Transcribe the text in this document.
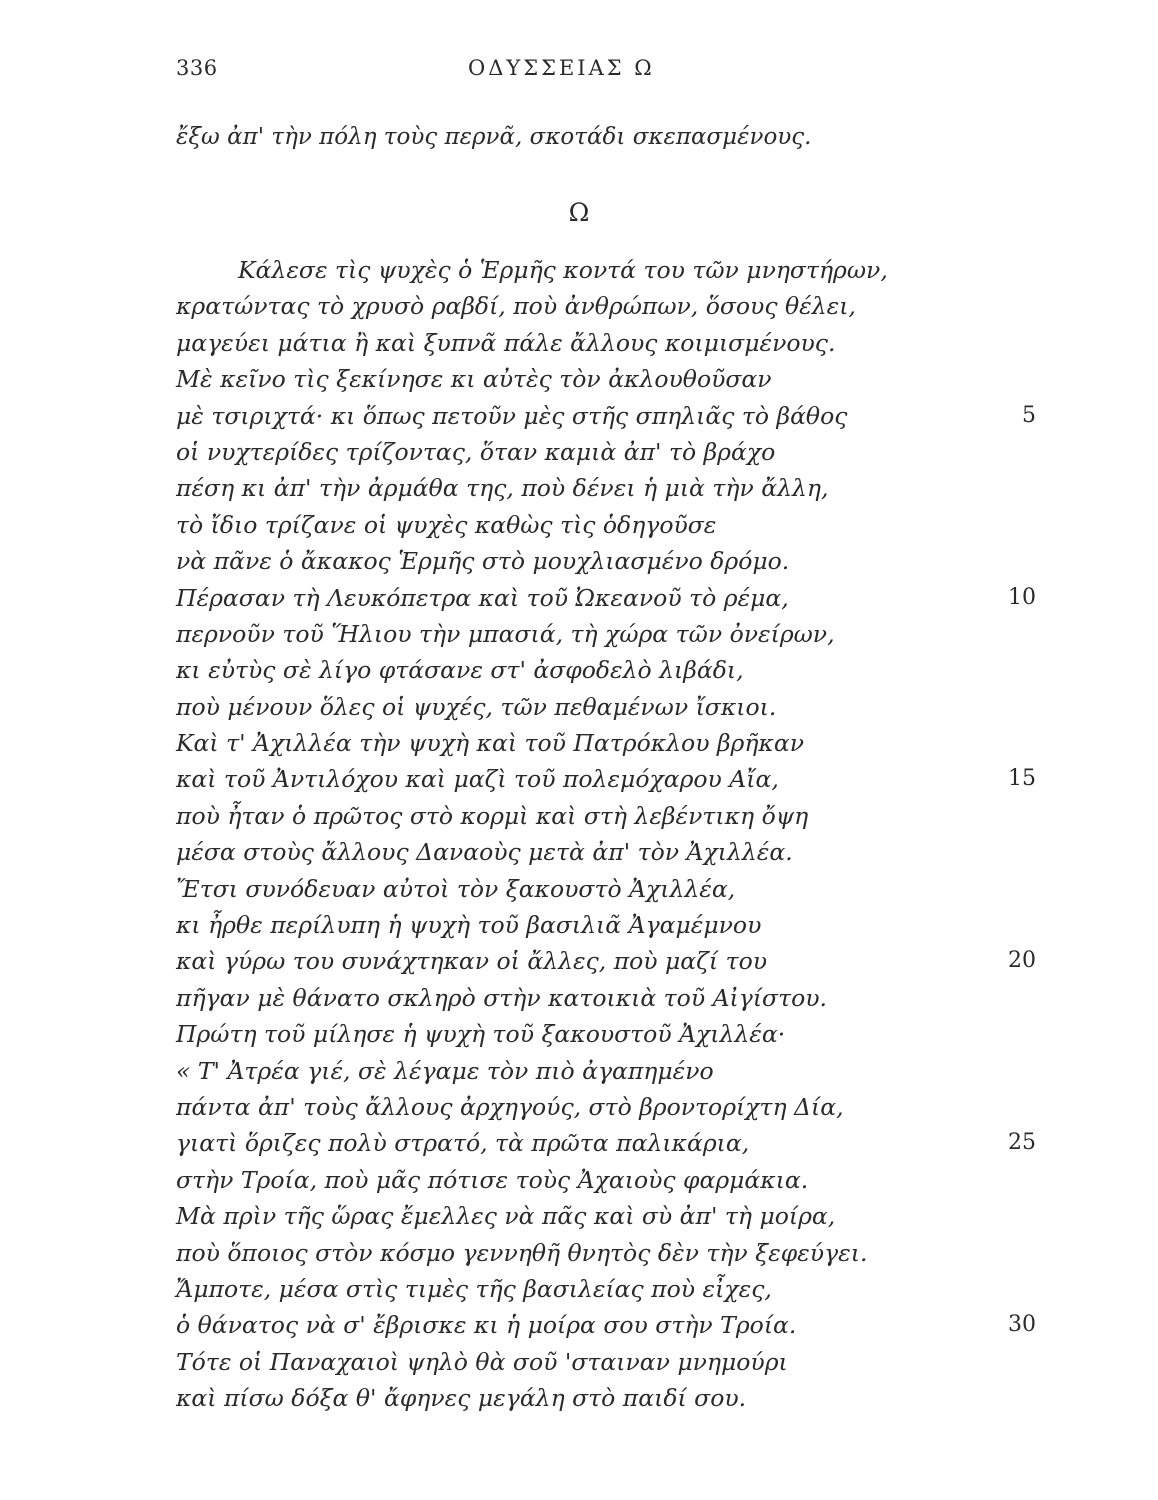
336	ΟΔΥΣΣΕΙΑΣ Ω
ἔξω ἀπ' τὴν πόλη τοὺς περνᾶ, σκοτάδι σκεπασμένους.
Ω
Κάλεσε τὶς ψυχὲς ὁ Ἑρμῆς κοντά του τῶν μνηστήρων,
κρατώντας τὸ χρυσὸ ραβδί, ποὺ ἀνθρώπων, ὅσους θέλει,
μαγεύει μάτια ἢ καὶ ξυπνᾶ πάλε ἄλλους κοιμισμένους.
Μὲ κεῖνο τὶς ξεκίνησε κι αὐτὲς τὸν ἀκλουθοῦσαν
μὲ τσιριχτά· κι ὅπως πετοῦν μὲς στῆς σπηλιᾶς τὸ βάθος	5
οἱ νυχτερίδες τρίζοντας, ὅταν καμιὰ ἀπ' τὸ βράχο
πέση κι ἀπ' τὴν ἀρμάθα της, ποὺ δένει ἡ μιὰ τὴν ἄλλη,
τὸ ἴδιο τρίζανε οἱ ψυχὲς καθὼς τὶς ὁδηγοῦσε
νὰ πᾶνε ὁ ἄκακος Ἑρμῆς στὸ μουχλιασμένο δρόμο.
Πέρασαν τὴ Λευκόπετρα καὶ τοῦ Ὠκεανοῦ τὸ ρέμα,	10
περνοῦν τοῦ Ἥλιου τὴν μπασιά, τὴ χώρα τῶν ὀνείρων,
κι εὐτὺς σὲ λίγο φτάσανε στ' ἀσφοδελὸ λιβάδι,
ποὺ μένουν ὅλες οἱ ψυχές, τῶν πεθαμένων ἴσκιοι.
Καὶ τ' Ἀχιλλέα τὴν ψυχὴ καὶ τοῦ Πατρόκλου βρῆκαν
καὶ τοῦ Ἀντιλόχου καὶ μαζὶ τοῦ πολεμόχαρου Αἴα,	15
ποὺ ἦταν ὁ πρῶτος στὸ κορμὶ καὶ στὴ λεβέντικη ὄψη
μέσα στοὺς ἄλλους Δαναοὺς μετὰ ἀπ' τὸν Ἀχιλλέα.
Ἔτσι συνόδευαν αὐτοὶ τὸν ξακουστὸ Ἀχιλλέα,
κι ἦρθε περίλυπη ἡ ψυχὴ τοῦ βασιλιᾶ Ἀγαμέμνου
καὶ γύρω του συνάχτηκαν οἱ ἄλλες, ποὺ μαζί του	20
πῆγαν μὲ θάνατο σκληρὸ στὴν κατοικιὰ τοῦ Αἰγίστου.
Πρώτη τοῦ μίλησε ἡ ψυχὴ τοῦ ξακουστοῦ Ἀχιλλέα·
« Τ' Ἀτρέα γιέ, σὲ λέγαμε τὸν πιὸ ἀγαπημένο
πάντα ἀπ' τοὺς ἄλλους ἀρχηγούς, στὸ βροντορίχτη Δία,
γιατὶ ὅριζες πολὺ στρατό, τὰ πρῶτα παλικάρια,	25
στὴν Τροία, ποὺ μᾶς πότισε τοὺς Ἀχαιοὺς φαρμάκια.
Μὰ πρὶν τῆς ὥρας ἔμελλες νὰ πᾶς καὶ σὺ ἀπ' τὴ μοίρα,
ποὺ ὅποιος στὸν κόσμο γεννηθῆ θνητὸς δὲν τὴν ξεφεύγει.
Ἄμποτε, μέσα στὶς τιμὲς τῆς βασιλείας ποὺ εἶχες,
ὁ θάνατος νὰ σ' ἔβρισκε κι ἡ μοίρα σου στὴν Τροία.	30
Τότε οἱ Παναχαιοὶ ψηλὸ θὰ σοῦ 'σταιναν μνημούρι
καὶ πίσω δόξα θ' ἄφηνες μεγάλη στὸ παιδί σου.
